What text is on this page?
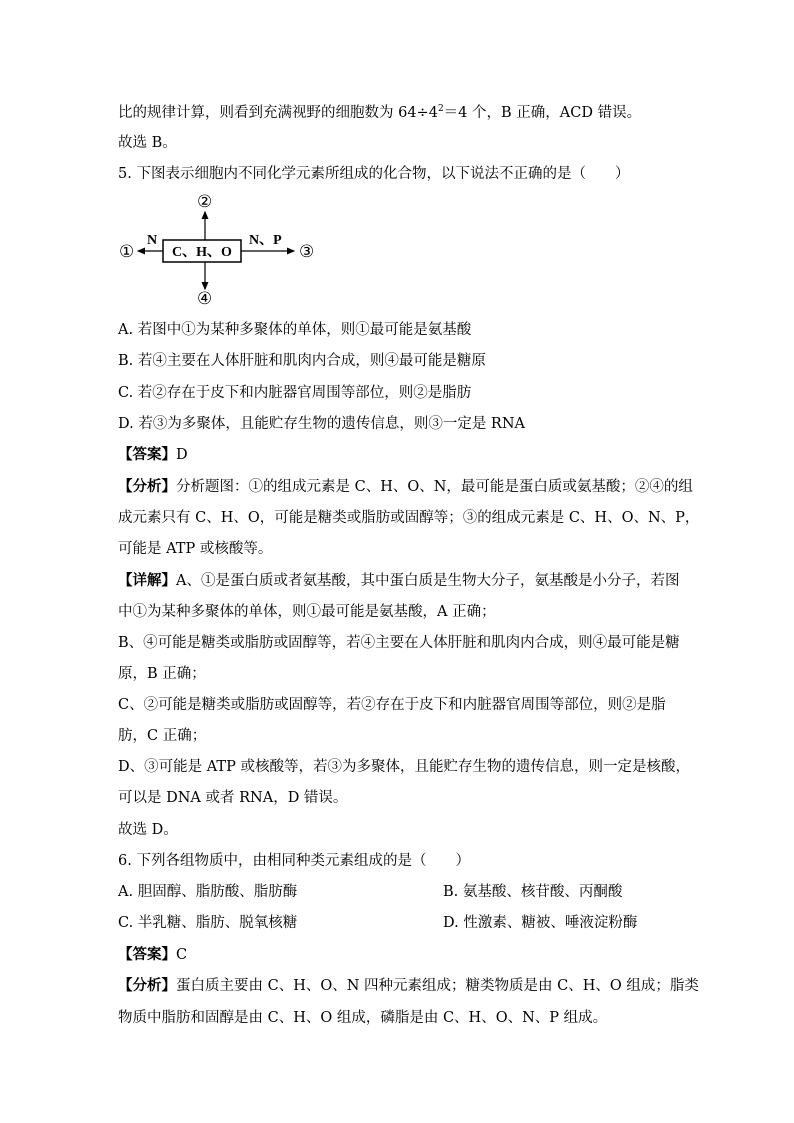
比的规律计算，则看到充满视野的细胞数为 $64\div 4^2=4$ 个，B 正确，ACD 错误。
故选 B。
5. 下图表示细胞内不同化学元素所组成的化合物，以下说法不正确的是（　　）
C、H、O
N	N、P
①
②
③
④
A. 若图中①为某种多聚体的单体，则①最可能是氨基酸
B. 若④主要在人体肝脏和肌肉内合成，则④最可能是糖原
C. 若②存在于皮下和内脏器官周围等部位，则②是脂肪
D. 若③为多聚体，且能贮存生物的遗传信息，则③一定是 RNA
【答案】D
【分析】分析题图：①的组成元素是 C、H、O、N，最可能是蛋白质或氨基酸；②④的组
成元素只有 C、H、O，可能是糖类或脂肪或固醇等；③的组成元素是 C、H、O、N、P，
可能是 ATP 或核酸等。
【详解】A、①是蛋白质或者氨基酸，其中蛋白质是生物大分子，氨基酸是小分子，若图
中①为某种多聚体的单体，则①最可能是氨基酸，A 正确；
B、④可能是糖类或脂肪或固醇等，若④主要在人体肝脏和肌肉内合成，则④最可能是糖
原，B 正确；
C、②可能是糖类或脂肪或固醇等，若②存在于皮下和内脏器官周围等部位，则②是脂
肪，C 正确；
D、③可能是 ATP 或核酸等，若③为多聚体，且能贮存生物的遗传信息，则一定是核酸，
可以是 DNA 或者 RNA，D 错误。
故选 D。
6. 下列各组物质中，由相同种类元素组成的是（　　）
A. 胆固醇、脂肪酸、脂肪酶	B. 氨基酸、核苷酸、丙酮酸
C. 半乳糖、脂肪、脱氧核糖	D. 性激素、糖被、唾液淀粉酶
【答案】C
【分析】蛋白质主要由 C、H、O、N 四种元素组成；糖类物质是由 C、H、O 组成；脂类
物质中脂肪和固醇是由 C、H、O 组成，磷脂是由 C、H、O、N、P 组成。
